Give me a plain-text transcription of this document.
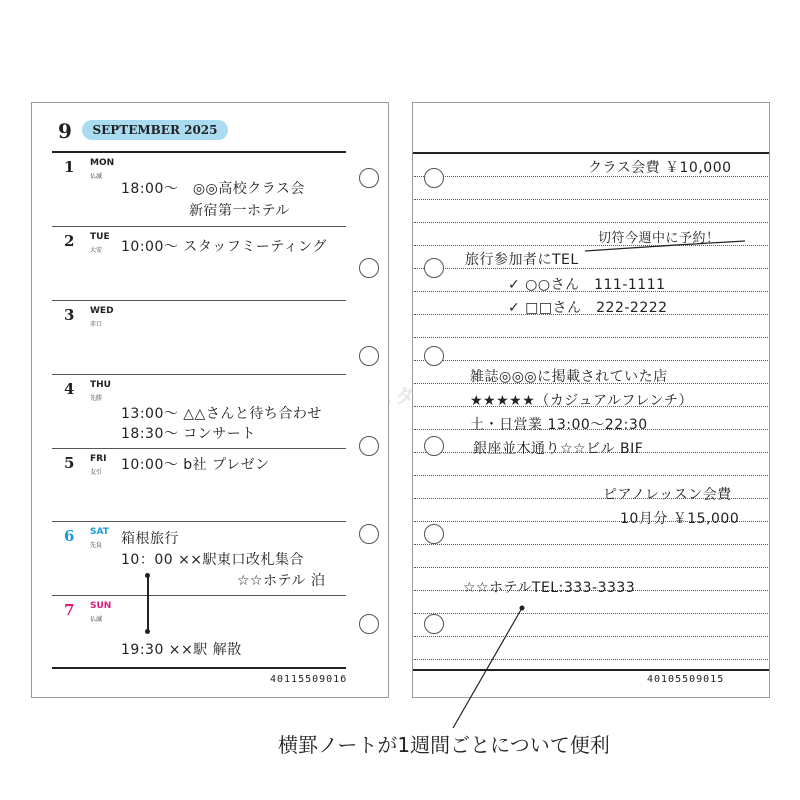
文具スタイル
9	SEPTEMBER 2025
1 MON
仏滅
2 TUE
大安
3 WED
赤口
4 THU
先勝
5 FRI
友引
6 SAT
先負
7 SUN
仏滅
18:00〜　◎◎高校クラス会
新宿第一ホテル
10:00〜 スタッフミーティング
13:00〜 △△さんと待ち合わせ
18:30〜 コンサート
10:00〜 b社 プレゼン
箱根旅行
10：00 ××駅東口改札集合
☆☆ホテル 泊
19:30 ××駅 解散
4011550901б
クラス会費 ￥10,000
切符今週中に予約！
旅行参加者にTEL
✓ ○○さん　111-1111
✓ □□さん　222-2222
雑誌◎◎◎に掲載されていた店
★★★★★（カジュアルフレンチ）
土・日営業 13:00〜22:30
銀座並木通り☆☆ビル BIF
ピアノレッスン会費
10月分 ￥15,000
☆☆ホテルTEL:333-3333
40105509015
横罫ノートが1週間ごとについて便利
